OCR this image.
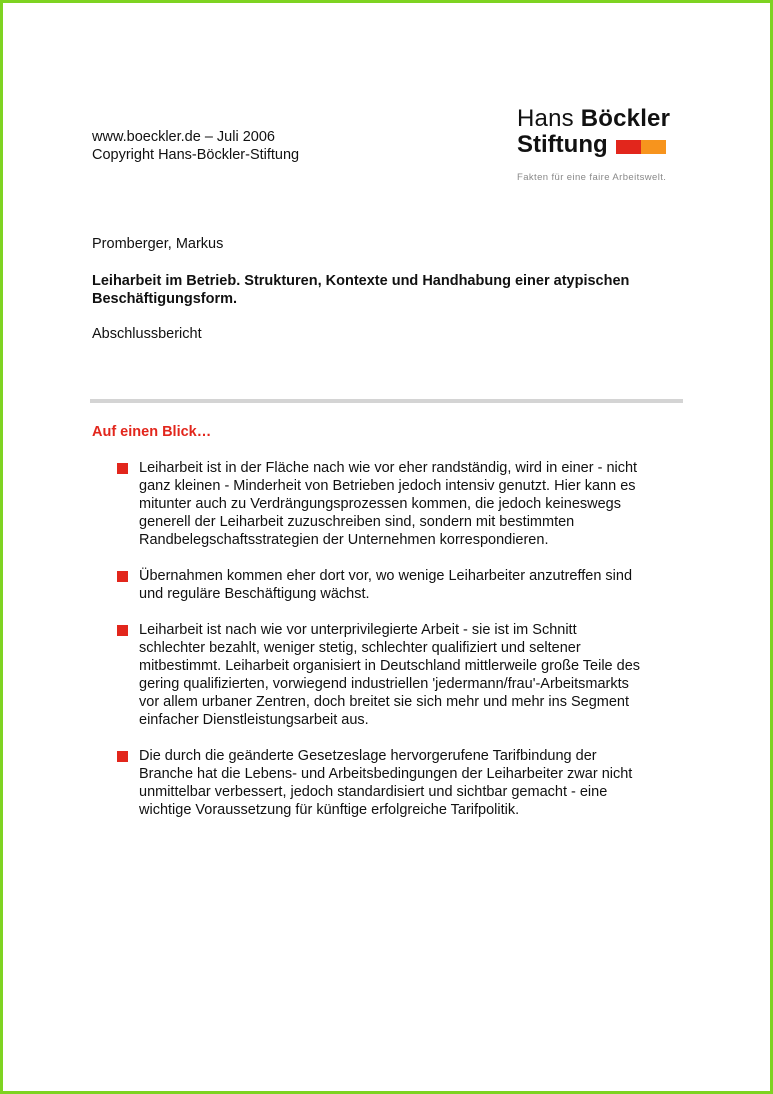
www.boeckler.de – Juli 2006
Copyright Hans-Böckler-Stiftung
Hans Böckler
Stiftung
Fakten für eine faire Arbeitswelt.
Promberger, Markus
Leiharbeit im Betrieb. Strukturen, Kontexte und Handhabung einer atypischen
Beschäftigungsform.
Abschlussbericht
Auf einen Blick…
Leiharbeit ist in der Fläche nach wie vor eher randständig, wird in einer - nicht
ganz kleinen - Minderheit von Betrieben jedoch intensiv genutzt. Hier kann es
mitunter auch zu Verdrängungsprozessen kommen, die jedoch keineswegs
generell der Leiharbeit zuzuschreiben sind, sondern mit bestimmten
Randbelegschaftsstrategien der Unternehmen korrespondieren.
Übernahmen kommen eher dort vor, wo wenige Leiharbeiter anzutreffen sind
und reguläre Beschäftigung wächst.
Leiharbeit ist nach wie vor unterprivilegierte Arbeit - sie ist im Schnitt
schlechter bezahlt, weniger stetig, schlechter qualifiziert und seltener
mitbestimmt. Leiharbeit organisiert in Deutschland mittlerweile große Teile des
gering qualifizierten, vorwiegend industriellen 'jedermann/frau'-Arbeitsmarkts
vor allem urbaner Zentren, doch breitet sie sich mehr und mehr ins Segment
einfacher Dienstleistungsarbeit aus.
Die durch die geänderte Gesetzeslage hervorgerufene Tarifbindung der
Branche hat die Lebens- und Arbeitsbedingungen der Leiharbeiter zwar nicht
unmittelbar verbessert, jedoch standardisiert und sichtbar gemacht - eine
wichtige Voraussetzung für künftige erfolgreiche Tarifpolitik.
